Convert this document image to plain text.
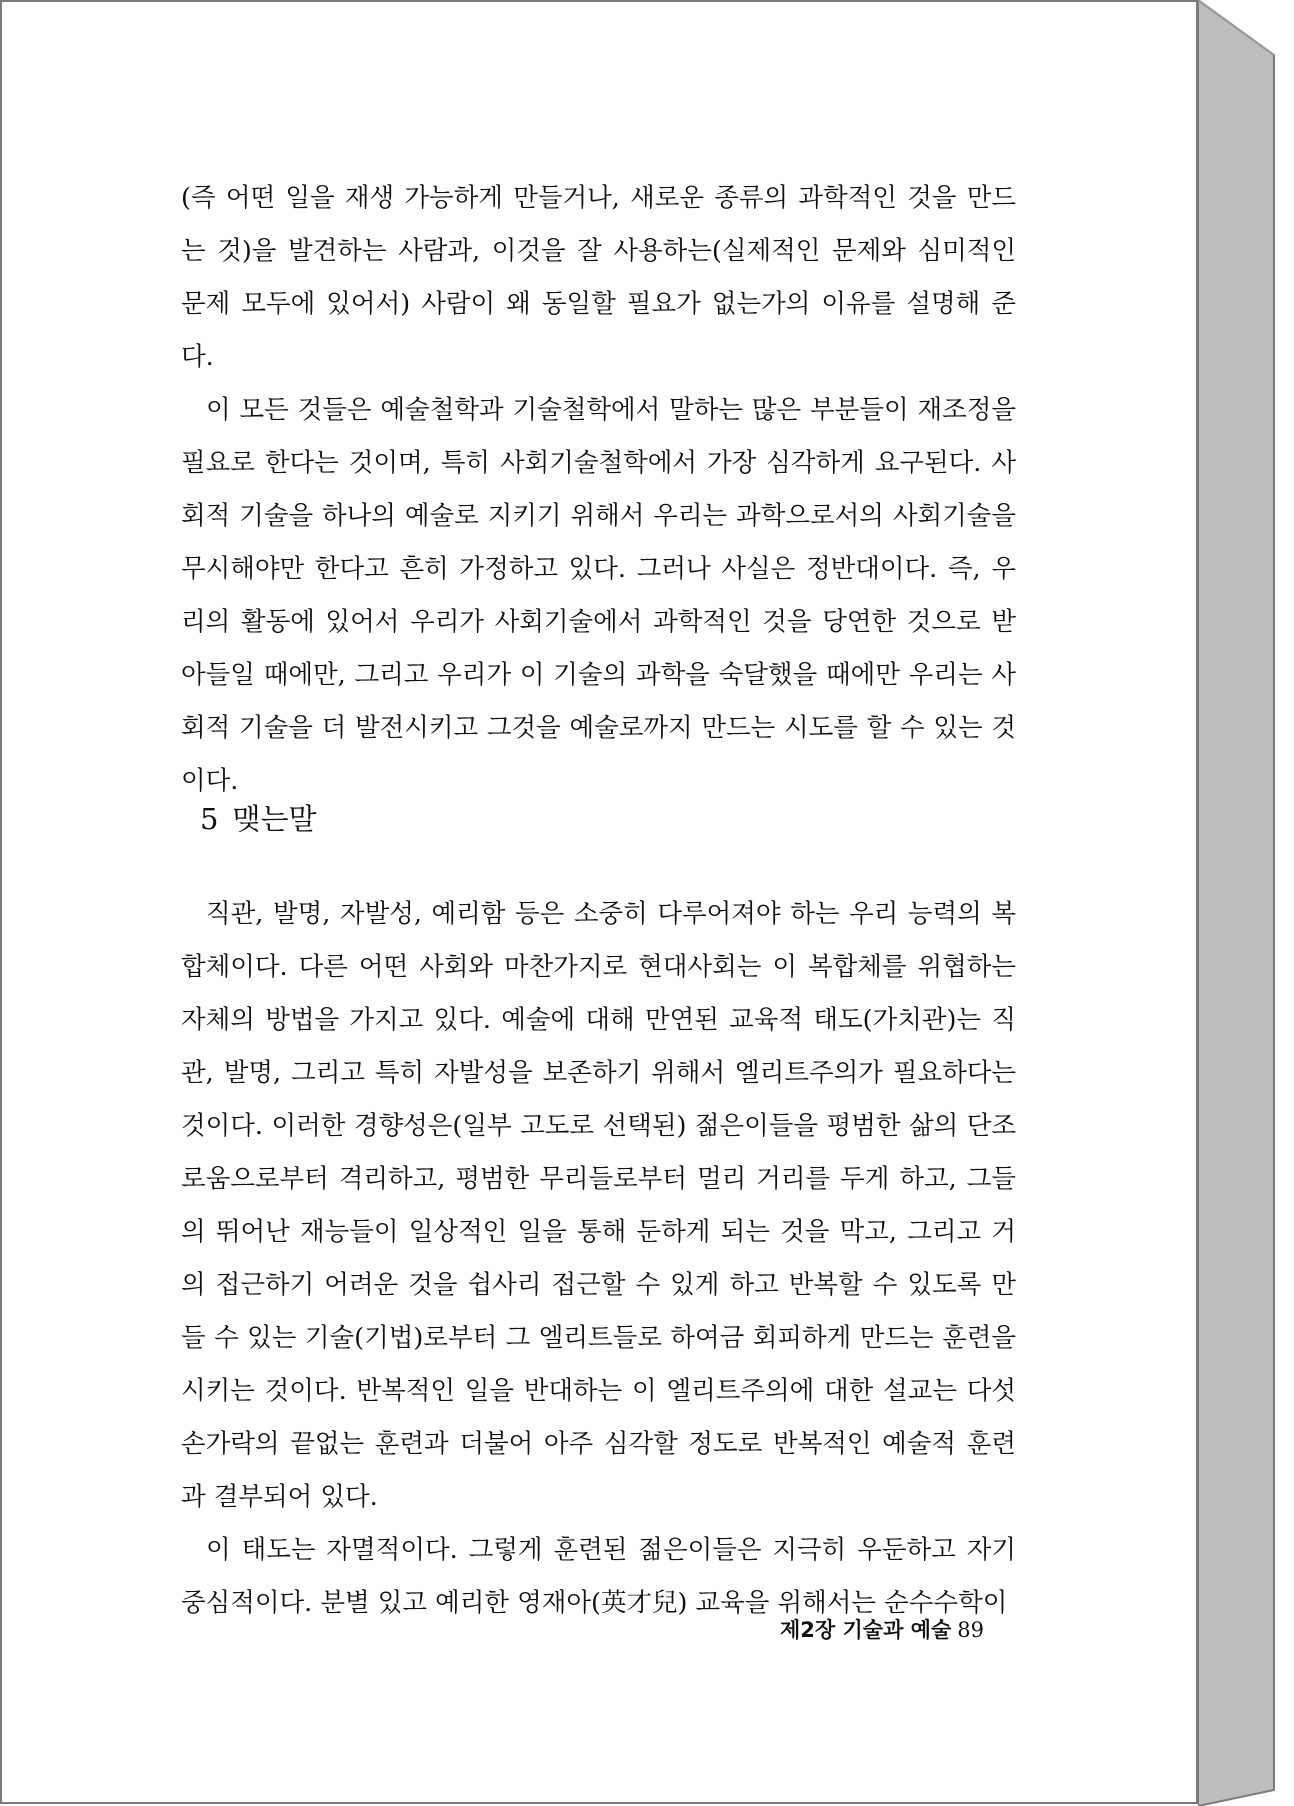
(즉 어떤 일을 재생 가능하게 만들거나, 새로운 종류의 과학적인 것을 만드는 것)을 발견하는 사람과, 이것을 잘 사용하는(실제적인 문제와 심미적인 문제 모두에 있어서) 사람이 왜 동일할 필요가 없는가의 이유를 설명해 준다.

이 모든 것들은 예술철학과 기술철학에서 말하는 많은 부분들이 재조정을 필요로 한다는 것이며, 특히 사회기술철학에서 가장 심각하게 요구된다. 사회적 기술을 하나의 예술로 지키기 위해서 우리는 과학으로서의 사회기술을 무시해야만 한다고 흔히 가정하고 있다. 그러나 사실은 정반대이다. 즉, 우리의 활동에 있어서 우리가 사회기술에서 과학적인 것을 당연한 것으로 받아들일 때에만, 그리고 우리가 이 기술의 과학을 숙달했을 때에만 우리는 사회적 기술을 더 발전시키고 그것을 예술로까지 만드는 시도를 할 수 있는 것이다.

5 맺는말

직관, 발명, 자발성, 예리함 등은 소중히 다루어져야 하는 우리 능력의 복합체이다. 다른 어떤 사회와 마찬가지로 현대사회는 이 복합체를 위협하는 자체의 방법을 가지고 있다. 예술에 대해 만연된 교육적 태도(가치관)는 직관, 발명, 그리고 특히 자발성을 보존하기 위해서 엘리트주의가 필요하다는 것이다. 이러한 경향성은(일부 고도로 선택된) 젊은이들을 평범한 삶의 단조로움으로부터 격리하고, 평범한 무리들로부터 멀리 거리를 두게 하고, 그들의 뛰어난 재능들이 일상적인 일을 통해 둔하게 되는 것을 막고, 그리고 거의 접근하기 어려운 것을 쉽사리 접근할 수 있게 하고 반복할 수 있도록 만들 수 있는 기술(기법)로부터 그 엘리트들로 하여금 회피하게 만드는 훈련을 시키는 것이다. 반복적인 일을 반대하는 이 엘리트주의에 대한 설교는 다섯손가락의 끝없는 훈련과 더불어 아주 심각할 정도로 반복적인 예술적 훈련과 결부되어 있다.

이 태도는 자멸적이다. 그렇게 훈련된 젊은이들은 지극히 우둔하고 자기중심적이다. 분별 있고 예리한 영재아(英才兒) 교육을 위해서는 순수수학이

제2장 기술과 예술 89
